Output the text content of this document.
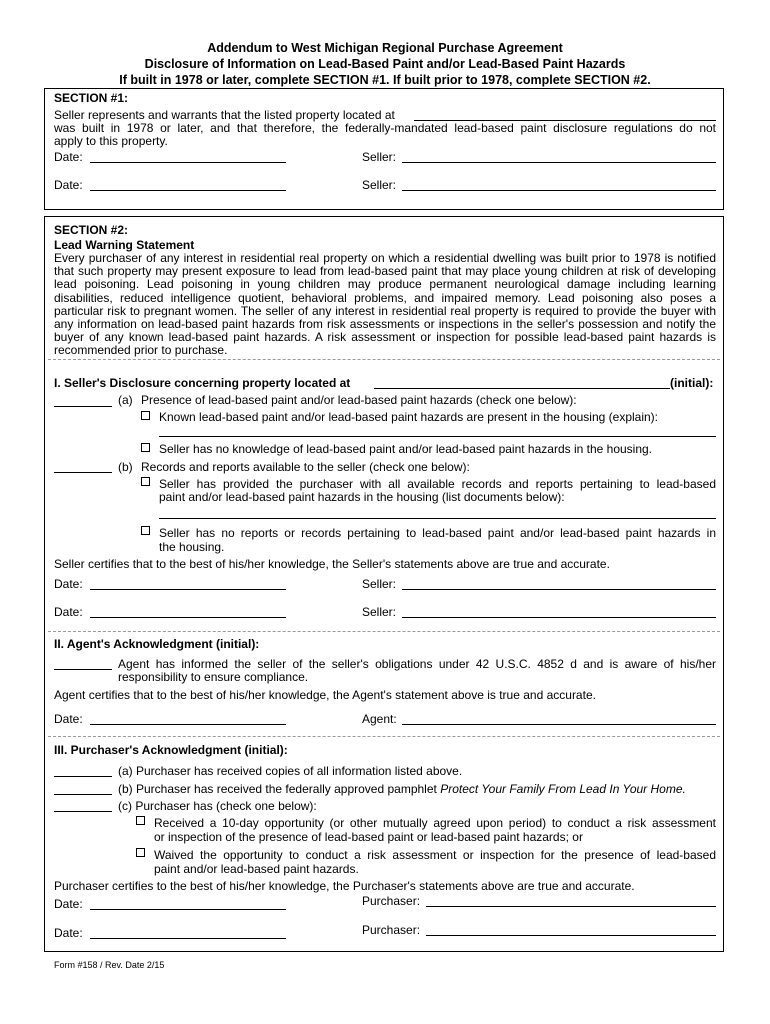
Addendum to West Michigan Regional Purchase Agreement
Disclosure of Information on Lead-Based Paint and/or Lead-Based Paint Hazards
If built in 1978 or later, complete SECTION #1. If built prior to 1978, complete SECTION #2.
SECTION #1:
Seller represents and warrants that the listed property located at
was built in 1978 or later, and that therefore, the federally-mandated lead-based paint disclosure regulations do not
apply to this property.
Date:	Seller:
Date:	Seller:
SECTION #2:
Lead Warning Statement
Every purchaser of any interest in residential real property on which a residential dwelling was built prior to 1978 is notified that such property may present exposure to lead from lead-based paint that may place young children at risk of developing lead poisoning. Lead poisoning in young children may produce permanent neurological damage including learning disabilities, reduced intelligence quotient, behavioral problems, and impaired memory. Lead poisoning also poses a particular risk to pregnant women. The seller of any interest in residential real property is required to provide the buyer with any information on lead-based paint hazards from risk assessments or inspections in the seller's possession and notify the buyer of any known lead-based paint hazards. A risk assessment or inspection for possible lead-based paint hazards is recommended prior to purchase.
I. Seller's Disclosure concerning property located at	(initial):
(a) Presence of lead-based paint and/or lead-based paint hazards (check one below):
Known lead-based paint and/or lead-based paint hazards are present in the housing (explain):
Seller has no knowledge of lead-based paint and/or lead-based paint hazards in the housing.
(b) Records and reports available to the seller (check one below):
Seller has provided the purchaser with all available records and reports pertaining to lead-based
paint and/or lead-based paint hazards in the housing (list documents below):
Seller has no reports or records pertaining to lead-based paint and/or lead-based paint hazards in
the housing.
Seller certifies that to the best of his/her knowledge, the Seller's statements above are true and accurate.
Date:	Seller:
Date:	Seller:
II. Agent's Acknowledgment (initial):
Agent has informed the seller of the seller's obligations under 42 U.S.C. 4852 d and is aware of his/her
responsibility to ensure compliance.
Agent certifies that to the best of his/her knowledge, the Agent's statement above is true and accurate.
Date:	Agent:
III. Purchaser's Acknowledgment (initial):
(a) Purchaser has received copies of all information listed above.
(b) Purchaser has received the federally approved pamphlet Protect Your Family From Lead In Your Home.
(c) Purchaser has (check one below):
Received a 10-day opportunity (or other mutually agreed upon period) to conduct a risk assessment
or inspection of the presence of lead-based paint or lead-based paint hazards; or
Waived the opportunity to conduct a risk assessment or inspection for the presence of lead-based
paint and/or lead-based paint hazards.
Purchaser certifies to the best of his/her knowledge, the Purchaser's statements above are true and accurate.
Date:	Purchaser:
Date:	Purchaser:
Form #158 / Rev. Date 2/15
